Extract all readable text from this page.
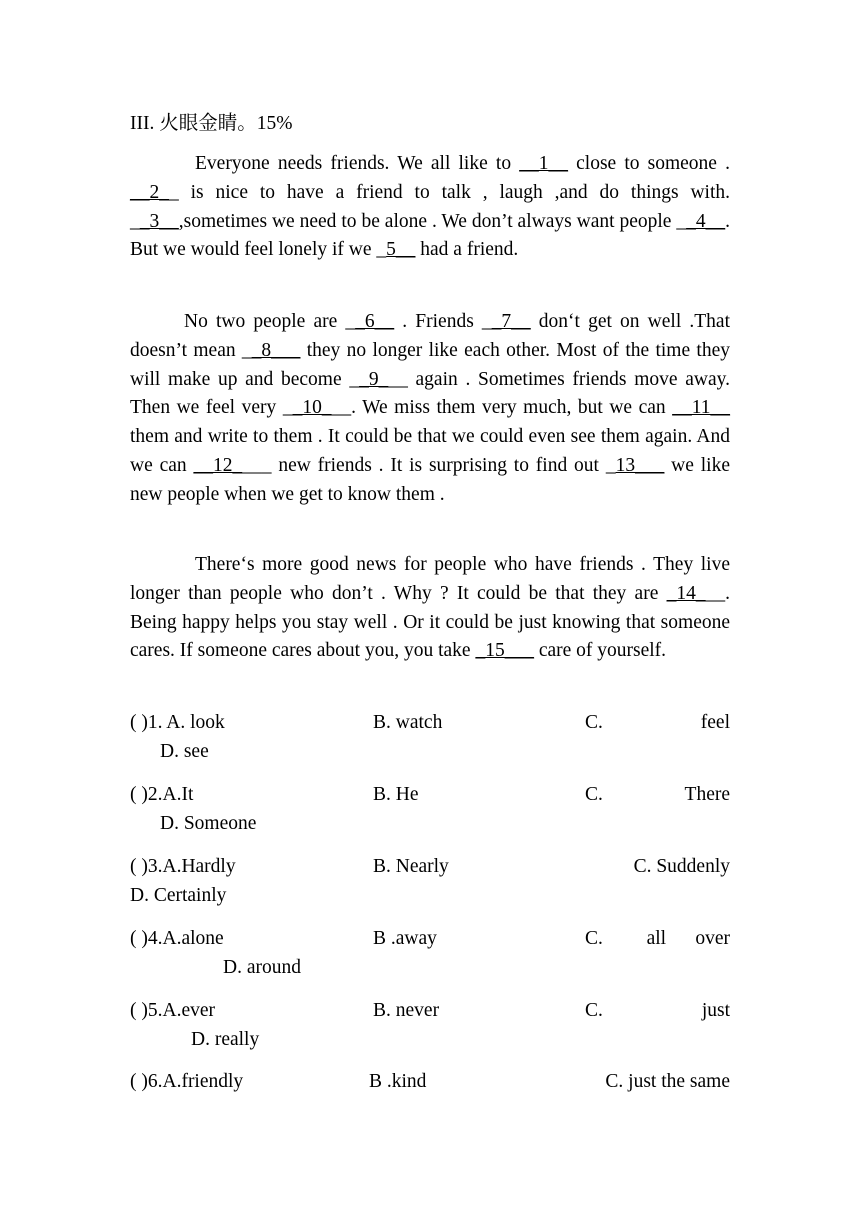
III. 火眼金睛。15%
Everyone needs friends. We all like to __1__ close to someone . __2__ is nice to have a friend to talk , laugh ,and do things with. __3__,sometimes we need to be alone . We don’t always want people __4__. But we would feel lonely if we _5__ had a friend.
No two people are __6__ . Friends __7__ don‘t get on well .That doesn’t mean __8___ they no longer like each other. Most of the time they will make up and become __9___ again . Sometimes friends move away. Then we feel very __10___. We miss them very much, but we can __11__ them and write to them . It could be that we could even see them again. And we can __12____ new friends . It is surprising to find out _13___ we like new people when we get to know them .
There‘s more good news for people who have friends . They live longer than people who don’t . Why ? It could be that they are _14___. Being happy helps you stay well . Or it could be just knowing that someone cares. If someone cares about you, you take _15___ care of yourself.
( )1. A. look	B. watch	C.	feel
D. see
( )2.A.It	B. He	C.	There
D. Someone
( )3.A.Hardly	B. Nearly	C. Suddenly
D. Certainly
( )4.A.alone	B .away	C. all      over
D. around
( )5.A.ever	B. never	C.	just
D. really
( )6.A.friendly	B .kind	C. just the same
